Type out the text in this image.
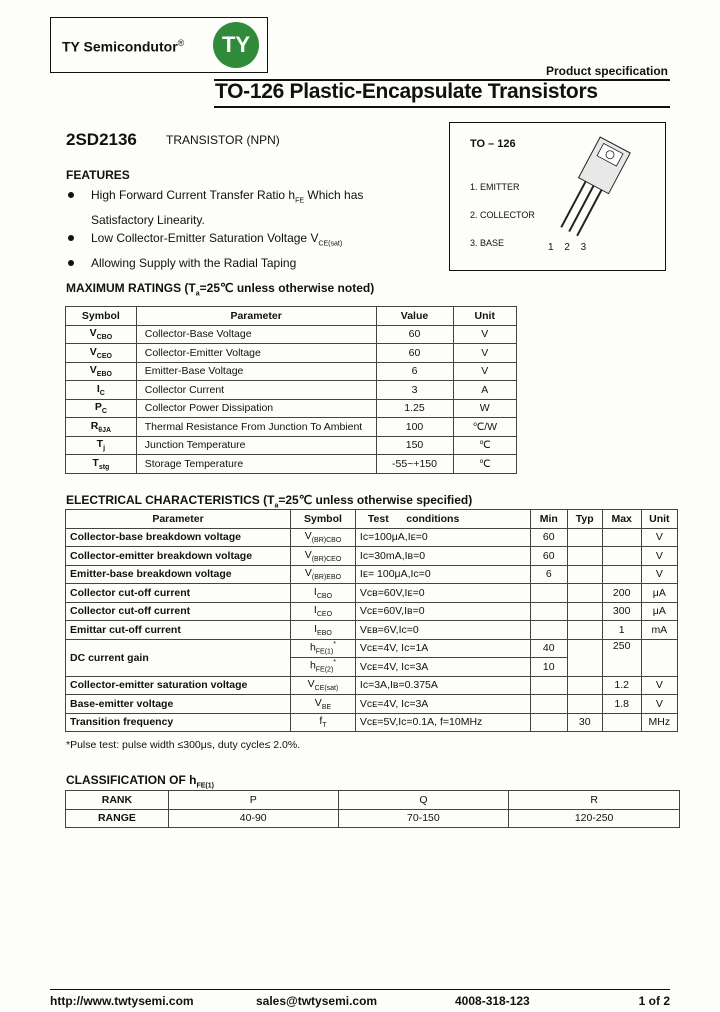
TY Semicondutor®	TY
Product specification
TO-126 Plastic-Encapsulate Transistors
2SD2136 TRANSISTOR (NPN)
FEATURES
High Forward Current Transfer Ratio $h_{FE}$ Which has
Satisfactory Linearity.
Low Collector-Emitter Saturation Voltage $V_{CE(sat)}$
Allowing Supply with the Radial Taping
TO – 126
1. EMITTER
2. COLLECTOR
3. BASE	1 2 3
MAXIMUM RATINGS ($T_a=25℃$ unless otherwise noted)
Symbol	Parameter	Value	Unit
$V_{CBO}$	Collector-Base Voltage	60	V
$V_{CEO}$	Collector-Emitter Voltage	60	V
$V_{EBO}$	Emitter-Base Voltage	6	V
$I_C$	Collector Current	3	A
$P_C$	Collector Power Dissipation	1.25	W
$R_{\theta JA}$	Thermal Resistance From Junction To Ambient	100	℃/W
$T_j$	Junction Temperature	150	℃
$T_{stg}$	Storage Temperature	-55~+150	℃
ELECTRICAL CHARACTERISTICS ($T_a=25℃$ unless otherwise specified)
Parameter	Symbol	Test      conditions	Min	Typ	Max	Unit
Collector-base breakdown voltage	$V_{(BR)CBO}$	Iᴄ=100μA,Iᴇ=0	60			V
Collector-emitter breakdown voltage	$V_{(BR)CEO}$	Iᴄ=30mA,Iʙ=0	60			V
Emitter-base breakdown voltage	$V_{(BR)EBO}$	Iᴇ= 100μA,Iᴄ=0	6			V
Collector cut-off current	$I_{CBO}$	Vᴄʙ=60V,Iᴇ=0			200	μA
Collector cut-off current	$I_{CEO}$	Vᴄᴇ=60V,Iʙ=0			300	μA
Emittar cut-off current	$I_{EBO}$	Vᴇʙ=6V,Iᴄ=0			1	mA
DC current gain	$h_{FE(1)}^*$	Vᴄᴇ=4V, Iᴄ=1A	40		250	
	$h_{FE(2)}^*$	Vᴄᴇ=4V, Iᴄ=3A	10			
Collector-emitter saturation voltage	$V_{CE(sat)}$	Iᴄ=3A,Iʙ=0.375A			1.2	V
Base-emitter voltage	$V_{BE}$	Vᴄᴇ=4V, Iᴄ=3A			1.8	V
Transition frequency	$f_T$	Vᴄᴇ=5V,Iᴄ=0.1A, f=10MHz		30		MHz
*Pulse test: pulse width ≤300μs, duty cycle≤ 2.0%.
CLASSIFICATION OF $h_{FE(1)}$
RANK	P	Q	R
RANGE	40-90	70-150	120-250
http://www.twtysemi.com	sales@twtysemi.com	4008-318-123	1 of 2
